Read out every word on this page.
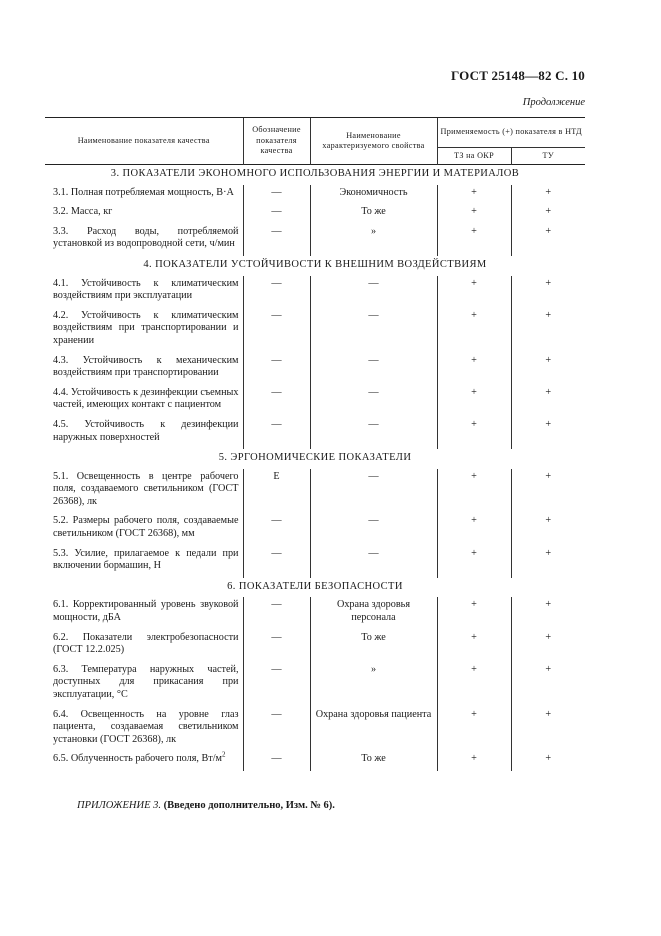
ГОСТ 25148—82 С. 10
Продолжение
Наименование показателя качества	Обозначение показателя качества	Наименование характеризуемого свойства	Применяемость (+) показателя в НТД	
			ТЗ на ОКР	ТУ
3. ПОКАЗАТЕЛИ ЭКОНОМНОГО ИСПОЛЬЗОВАНИЯ ЭНЕРГИИ И МАТЕРИАЛОВ				
3.1. Полная потребляемая мощность, В·А	—	Экономичность	+	+
3.2. Масса, кг	—	То же	+	+
3.3. Расход воды, потребляемой установкой из водопроводной сети, ч/мин	—	»	+	+
4. ПОКАЗАТЕЛИ УСТОЙЧИВОСТИ К ВНЕШНИМ ВОЗДЕЙСТВИЯМ				
4.1. Устойчивость к климатическим воздействиям при эксплуатации	—	—	+	+
4.2. Устойчивость к климатическим воздействиям при транспортировании и хранении	—	—	+	+
4.3. Устойчивость к механическим воздействиям при транспортировании	—	—	+	+
4.4. Устойчивость к дезинфекции съемных частей, имеющих контакт с пациентом	—	—	+	+
4.5. Устойчивость к дезинфекции наружных поверхностей	—	—	+	+
5. ЭРГОНОМИЧЕСКИЕ ПОКАЗАТЕЛИ				
5.1. Освещенность в центре рабочего поля, создаваемого светильником (ГОСТ 26368), лк	E	—	+	+
5.2. Размеры рабочего поля, создаваемые светильником (ГОСТ 26368), мм	—	—	+	+
5.3. Усилие, прилагаемое к педали при включении бормашин, Н	—	—	+	+
6. ПОКАЗАТЕЛИ БЕЗОПАСНОСТИ				
6.1. Корректированный уровень звуковой мощности, дБА	—	Охрана здоровья персонала	+	+
6.2. Показатели электробезопасности (ГОСТ 12.2.025)	—	То же	+	+
6.3. Температура наружных частей, доступных для прикасания при эксплуатации, °С	—	»	+	+
6.4. Освещенность на уровне глаз пациента, создаваемая светильником установки (ГОСТ 26368), лк	—	Охрана здоровья пациента	+	+
6.5. Облученность рабочего поля, $Вт/м^2$	—	То же	+	+
ПРИЛОЖЕНИЕ 3. (Введено дополнительно, Изм. № 6).
